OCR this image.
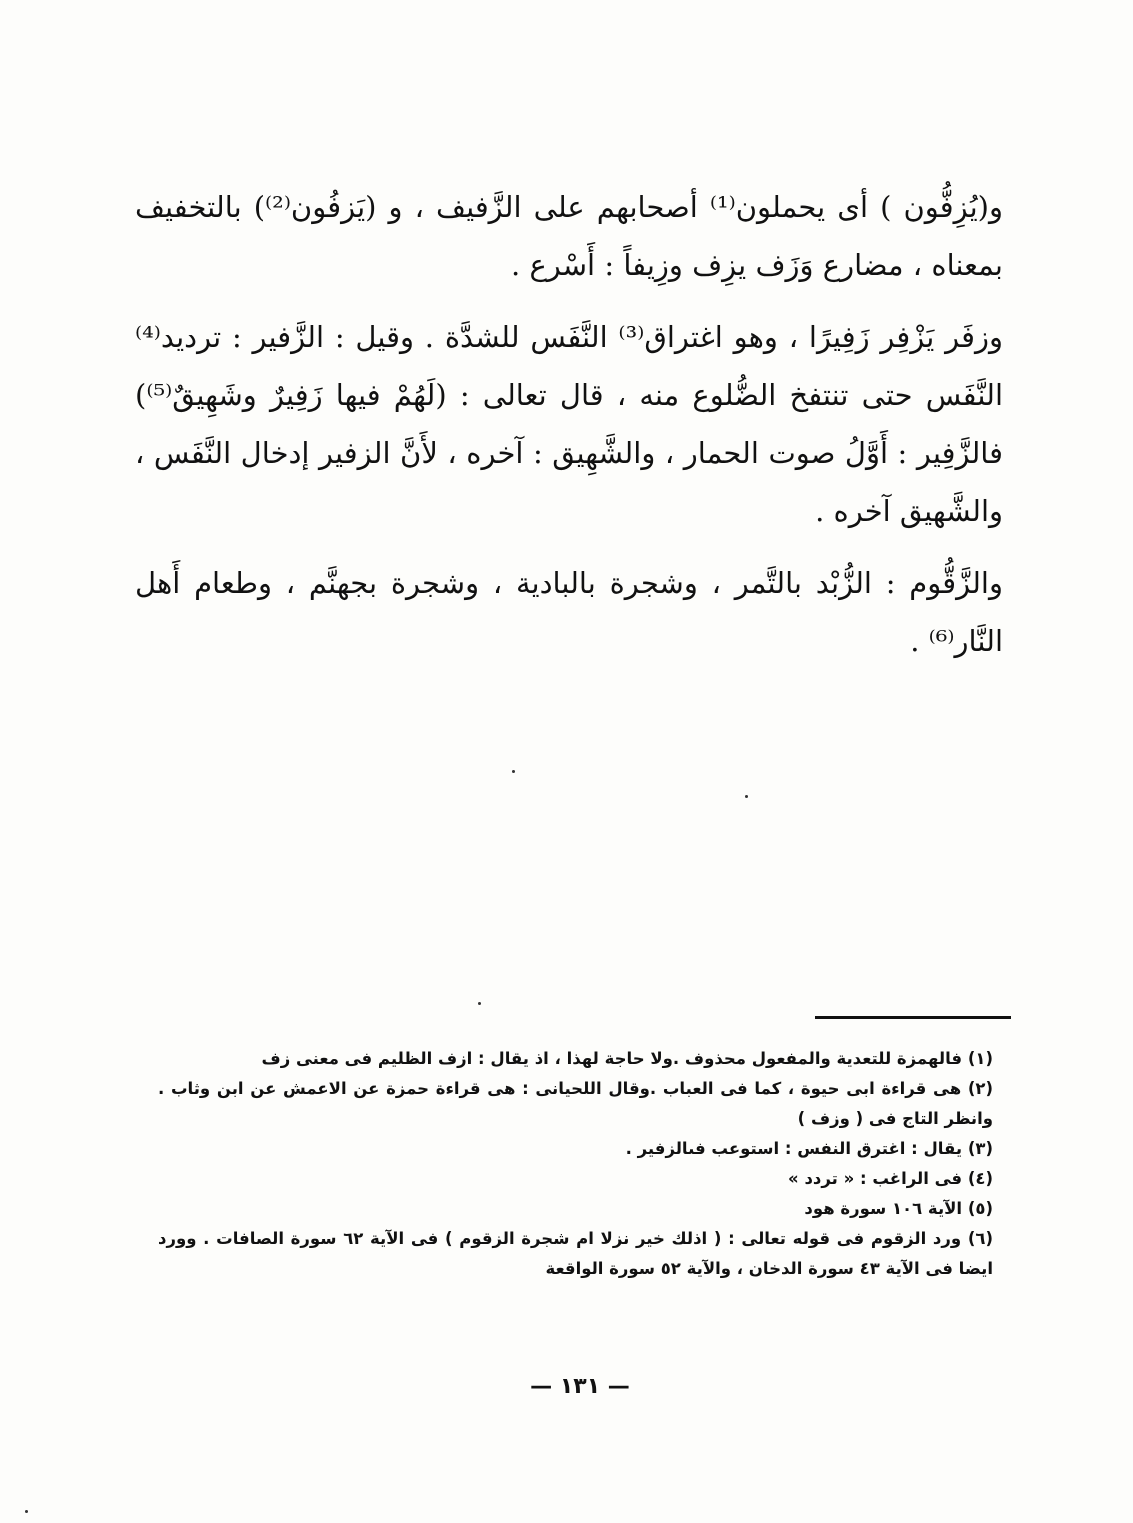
و(يُزِفُّون ) أى يحملون⁽¹⁾ أصحابهم على الزَّفيف ، و (يَزفُون⁽²⁾) بالتخفيف بمعناه ، مضارع وَزَف يزِف وزِيفاً : أَسْرع .

وزفَر يَزْفِر زَفِيرًا ، وهو اغتراق⁽³⁾ النَّفَس للشدَّة . وقيل : الزَّفير : ترديد⁽⁴⁾ النَّفَس حتى تنتفخ الضُّلوع منه ، قال تعالى : (لَهُمْ فيها زَفِيرٌ وشَهِيقٌ⁽⁵⁾) فالزَّفِير : أَوَّلُ صوت الحمار ، والشَّهِيق : آخره ، لأَنَّ الزفير إدخال النَّفَس ، والشَّهيق آخره .

والزَّقُّوم : الزُّبْد بالتَّمر ، وشجرة بالبادية ، وشجرة بجهنَّم ، وطعام أَهل النَّار⁽⁶⁾ .

(١) فالهمزة للتعدية والمفعول محذوف .ولا حاجة لهذا ، اذ يقال : ازف الظليم فى معنى زف

(٢) هى قراءة ابى حيوة ، كما فى العباب .وقال اللحيانى : هى قراءة حمزة عن الاعمش عن ابن وثاب . وانظر التاج فى ( وزف )

(٣) يقال : اغترق النفس : استوعب فىالزفير .

(٤) فى الراغب : « تردد »

(٥) الآية ١٠٦ سورة هود

(٦) ورد الزقوم فى قوله تعالى : ( اذلك خير نزلا ام شجرة الزقوم ) فى الآية ٦٢ سورة الصافات . وورد ايضا فى الآية ٤٣ سورة الدخان ، والآية ٥٢ سورة الواقعة

— ١٣١ —
